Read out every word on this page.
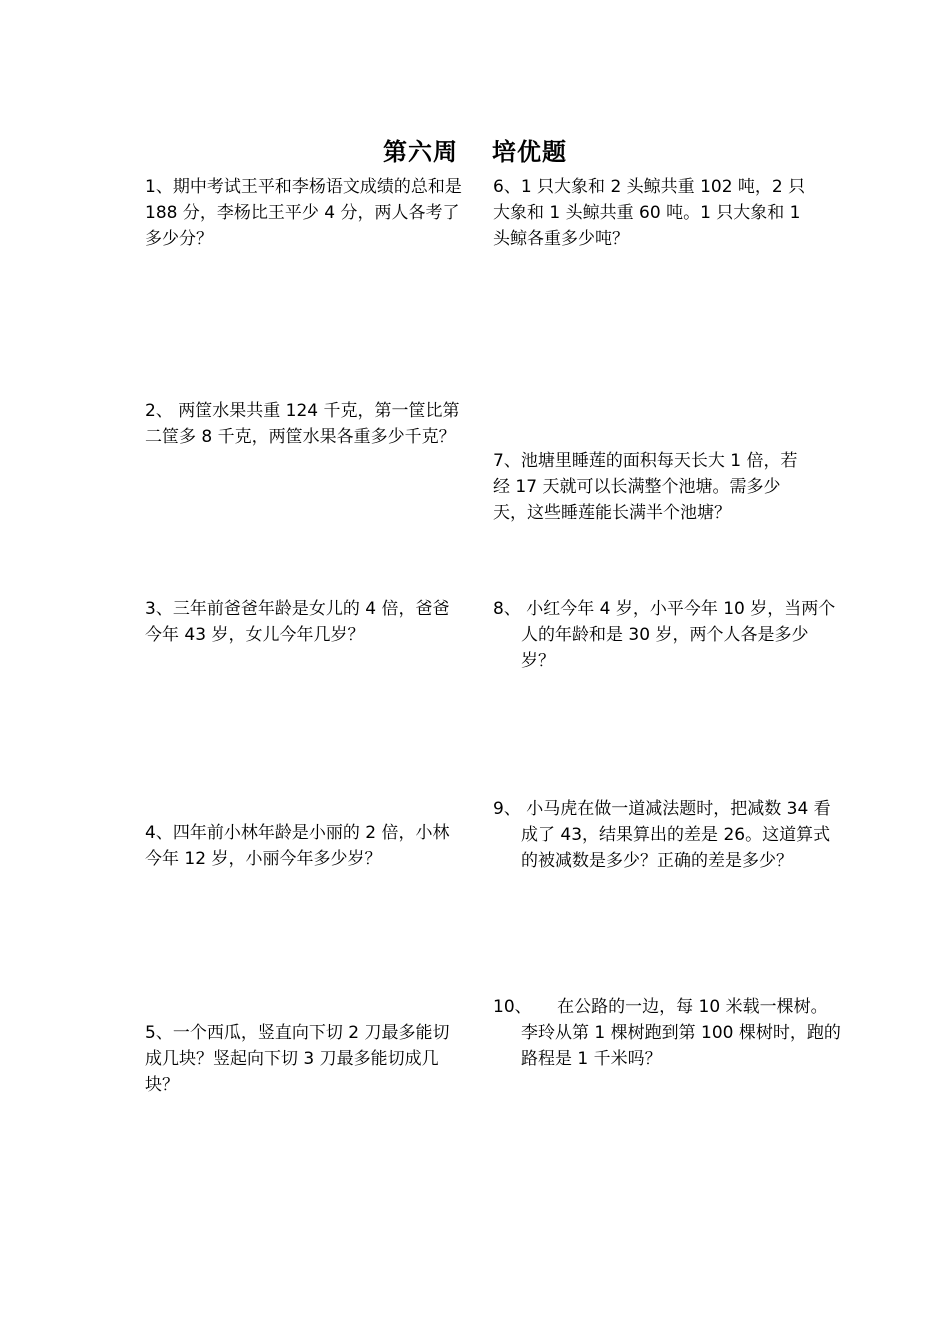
第六周 培优题
1、期中考试王平和李杨语文成绩的总和是 188 分，李杨比王平少 4 分，两人各考了多少分？
2、 两筐水果共重 124 千克，第一筐比第二筐多 8 千克，两筐水果各重多少千克？
3、三年前爸爸年龄是女儿的 4 倍，爸爸今年 43 岁，女儿今年几岁？
4、四年前小林年龄是小丽的 2 倍，小林今年 12 岁，小丽今年多少岁？
5、一个西瓜，竖直向下切 2 刀最多能切成几块？竖起向下切 3 刀最多能切成几块？
6、1 只大象和 2 头鲸共重 102 吨，2 只大象和 1 头鲸共重 60 吨。1 只大象和 1 头鲸各重多少吨？
7、池塘里睡莲的面积每天长大 1 倍，若经 17 天就可以长满整个池塘。需多少天，这些睡莲能长满半个池塘？
8、 小红今年 4 岁，小平今年 10 岁，当两个人的年龄和是 30 岁，两个人各是多少岁？
9、 小马虎在做一道减法题时，把减数 34 看成了 43，结果算出的差是 26。这道算式的被减数是多少？正确的差是多少？
10、　　在公路的一边，每 10 米载一棵树。李玲从第 1 棵树跑到第 100 棵树时，跑的路程是 1 千米吗？
